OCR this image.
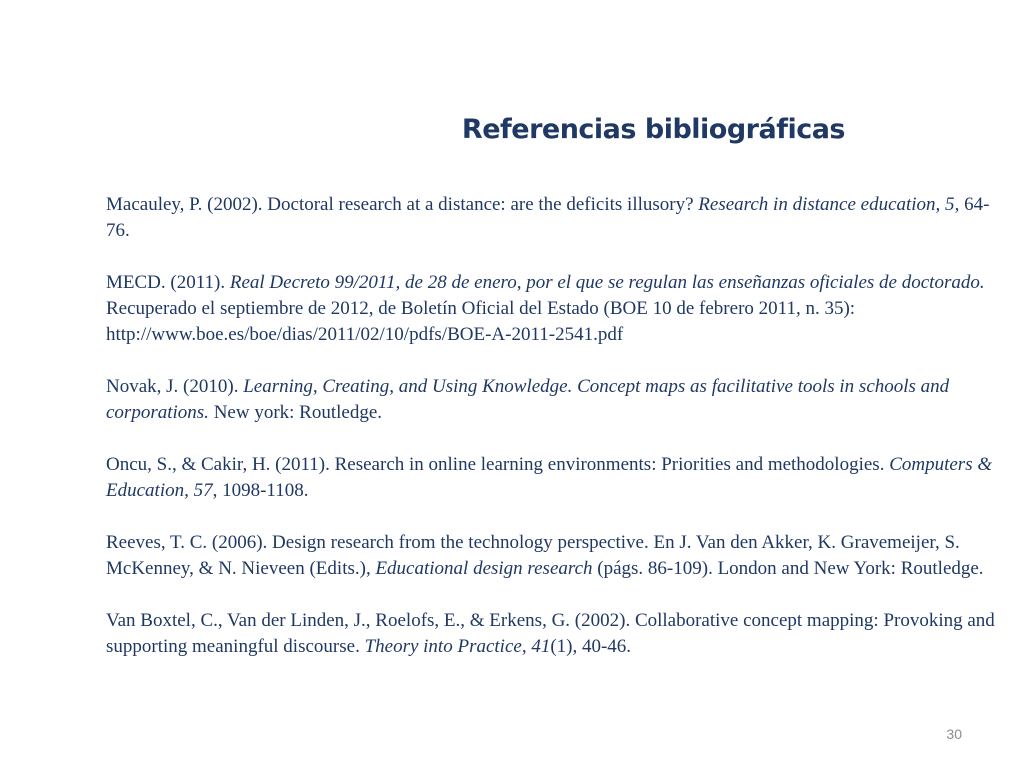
Referencias bibliográficas

Macauley, P. (2002). Doctoral research at a distance: are the deficits illusory? Research in distance education, 5, 64-76.

MECD. (2011). Real Decreto 99/2011, de 28 de enero, por el que se regulan las enseñanzas oficiales de doctorado. Recuperado el septiembre de 2012, de Boletín Oficial del Estado (BOE 10 de febrero 2011, n. 35): http://www.boe.es/boe/dias/2011/02/10/pdfs/BOE-A-2011-2541.pdf

Novak, J. (2010). Learning, Creating, and Using Knowledge. Concept maps as facilitative tools in schools and corporations. New york: Routledge.

Oncu, S., & Cakir, H. (2011). Research in online learning environments: Priorities and methodologies. Computers & Education, 57, 1098-1108.

Reeves, T. C. (2006). Design research from the technology perspective. En J. Van den Akker, K. Gravemeijer, S. McKenney, & N. Nieveen (Edits.), Educational design research (págs. 86-109). London and New York: Routledge.

Van Boxtel, C., Van der Linden, J., Roelofs, E., & Erkens, G. (2002). Collaborative concept mapping: Provoking and supporting meaningful discourse. Theory into Practice, 41(1), 40-46.

30
